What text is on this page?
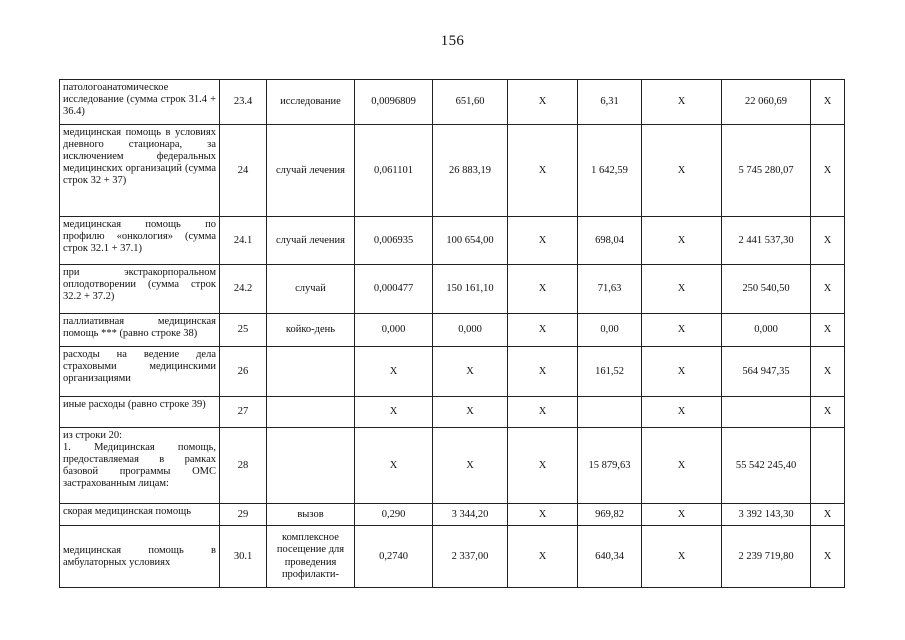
156
патологоанатомическое исследование (сумма строк 31.4 + 36.4)	23.4	исследование	0,0096809	651,60	Х	6,31	Х	22 060,69	Х
медицинская помощь в условиях дневного стационара, за исключением федеральных медицинских организаций (сумма строк 32 + 37)	24	случай лечения	0,061101	26 883,19	Х	1 642,59	Х	5 745 280,07	Х
медицинская помощь по профилю «онкология» (сумма строк 32.1 + 37.1)	24.1	случай лечения	0,006935	100 654,00	Х	698,04	Х	2 441 537,30	Х
при экстракорпоральном оплодотворении (сумма строк 32.2 + 37.2)	24.2	случай	0,000477	150 161,10	Х	71,63	Х	250 540,50	Х
паллиативная медицинская помощь *** (равно строке 38)	25	койко-день	0,000	0,000	Х	0,00	Х	0,000	Х
расходы на ведение дела страховыми медицинскими организациями	26		Х	Х	Х	161,52	Х	564 947,35	Х
иные расходы (равно строке 39)	27		Х	Х	Х		Х		Х
из строки 20:
1. Медицинская помощь, предоставляемая в рамках базовой программы ОМС застрахованным лицам:	28		Х	Х	Х	15 879,63	Х	55 542 245,40	
скорая медицинская помощь	29	вызов	0,290	3 344,20	Х	969,82	Х	3 392 143,30	Х
медицинская помощь в амбулаторных условиях	30.1	комплексное посещение для проведения профилакти-	0,2740	2 337,00	Х	640,34	Х	2 239 719,80	Х
